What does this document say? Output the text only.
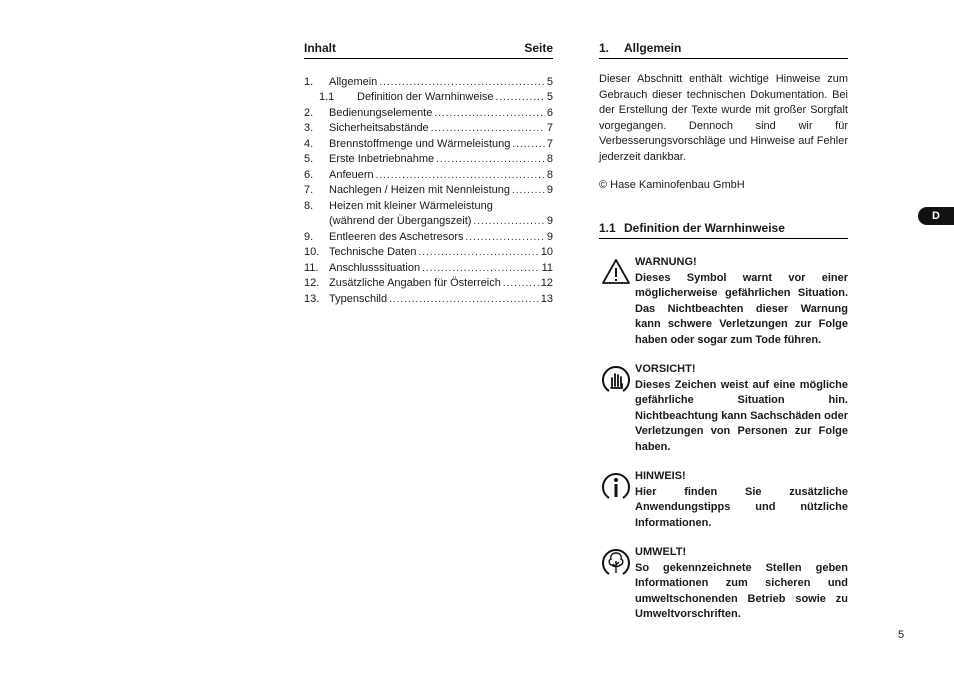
Inhalt	Seite
1.	Allgemein .....	5
1.1	Definition der Warnhinweise .....	5
2.	Bedienungselemente .....	6
3.	Sicherheitsabstände .....	7
4.	Brennstoffmenge und Wärmeleistung .....	7
5.	Erste Inbetriebnahme .....	8
6.	Anfeuern .....	8
7.	Nachlegen / Heizen mit Nennleistung .....	9
8.	Heizen mit kleiner Wärmeleistung
(während der Übergangszeit) .....	9
9.	Entleeren des Aschetresors .....	9
10. Technische Daten .....	10
11. Anschlusssituation .....	11
12. Zusätzliche Angaben für Österreich .....	12
13. Typenschild .....	13
1. Allgemein
Dieser Abschnitt enthält wichtige Hinweise zum Gebrauch dieser technischen Dokumentation. Bei der Erstellung der Texte wurde mit großer Sorgfalt vorgegangen. Dennoch sind wir für Verbesserungsvorschläge und Hinweise auf Fehler jederzeit dankbar.
© Hase Kaminofenbau GmbH
1.1 Definition der Warnhinweise
WARNUNG!
Dieses Symbol warnt vor einer möglicherweise gefährlichen Situation. Das Nichtbeachten dieser Warnung kann schwere Verletzungen zur Folge haben oder sogar zum Tode führen.
VORSICHT!
Dieses Zeichen weist auf eine mögliche gefährliche Situation hin. Nichtbeachtung kann Sachschäden oder Verletzungen von Personen zur Folge haben.
HINWEIS!
Hier finden Sie zusätzliche Anwendungstipps und nützliche Informationen.
UMWELT!
So gekennzeichnete Stellen geben Informationen zum sicheren und umweltschonenden Betrieb sowie zu Umweltvorschriften.
D
5
